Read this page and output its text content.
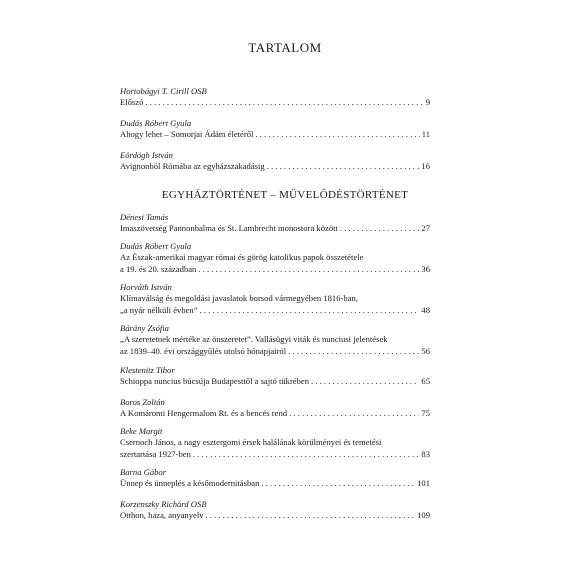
TARTALOM
EGYHÁZTÖRTÉNET – MŰVELŐDÉSTÖRTÉNET
Hortobágyi T. Cirill OSB
Előszó . . .	9
Dudás Róbert Gyula
Ahogy lehet – Somorjai Ádám életéről . . .	11
Eördögh István
Avignonból Rómába az egyházszakadásig . . .	16
Dénesi Tamás
Imaszövetség Pannonhalma és St. Lambrecht monostora között . . .	27
Dudás Róbert Gyula
Az Észak-amerikai magyar római és görög katolikus papok összetétele
a 19. és 20. században . . .	36
Horváth István
Klímaválság és megoldási javaslatok borsod vármegyében 1816-ban,
„a nyár nélküli évben” . . .	48
Bárány Zsófia
„A szeretetnek mértéke az önszeretet”. Vallásügyi viták és nunciusi jelentések
az 1839–40. évi országgyűlés utolsó hónapjairól . . .	56
Klestenitz Tibor
Schioppa nuncius búcsúja Budapesttől a sajtó tükrében . . .	65
Boros Zoltán
A Komáromi Hengermalom Rt. és a bencés rend . . .	75
Beke Margit
Csernoch János, a nagy esztergomi érsek halálának körülményei és temetési
szertartása 1927-ben . . .	83
Barna Gábor
Ünnep és ünneplés a későmodernitásban . . .	101
Korzenszky Richárd OSB
Otthon, haza, anyanyelv . . .	109
